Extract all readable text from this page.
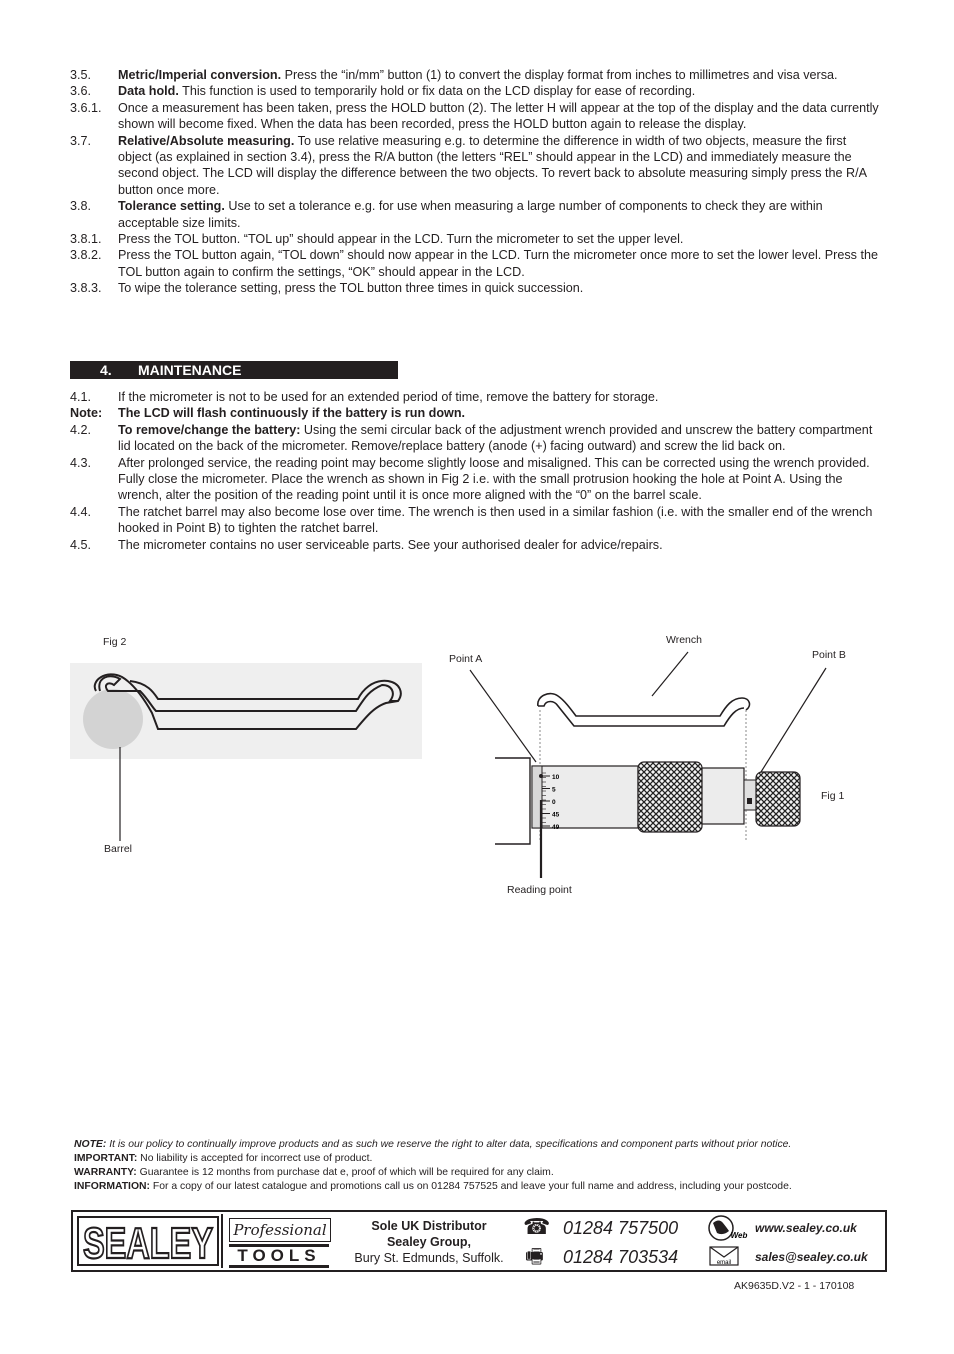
3.5.	Metric/Imperial conversion. Press the “in/mm” button (1) to convert the display format from inches to millimetres and visa versa.
3.6.	Data hold. This function is used to temporarily hold or fix data on the LCD display for ease of recording.
3.6.1.	Once a measurement has been taken, press the HOLD button (2). The letter H will appear at the top of the display and the data currently shown will become fixed. When the data has been recorded, press the HOLD button again to release the display.
3.7.	Relative/Absolute measuring. To use relative measuring e.g. to determine the difference in width of two objects, measure the first object (as explained in section 3.4), press the R/A button (the letters “REL” should appear in the LCD) and immediately measure the second object. The LCD will display the difference between the two objects. To revert back to absolute measuring simply press the R/A button once more.
3.8.	Tolerance setting. Use to set a tolerance e.g. for use when measuring a large number of components to check they are within acceptable size limits.
3.8.1.	Press the TOL button. “TOL up” should appear in the LCD. Turn the micrometer to set the upper level.
3.8.2.	Press the TOL button again, “TOL down” should now appear in the LCD. Turn the micrometer once more to set the lower level. Press the TOL button again to confirm the settings, “OK” should appear in the LCD.
3.8.3.	To wipe the tolerance setting, press the TOL button three times in quick succession.
4. MAINTENANCE
4.1.	If the micrometer is not to be used for an extended period of time, remove the battery for storage.
Note:	The LCD will flash continuously if the battery is run down.
4.2.	To remove/change the battery: Using the semi circular back of the adjustment wrench provided and unscrew the battery compartment lid located on the back of the micrometer. Remove/replace battery (anode (+) facing outward) and screw the lid back on.
4.3.	After prolonged service, the reading point may become slightly loose and misaligned. This can be corrected using the wrench provided. Fully close the micrometer. Place the wrench as shown in Fig 2 i.e. with the small protrusion hooking the hole at Point A. Using the wrench, alter the position of the reading point until it is once more aligned with the “0” on the barrel scale.
4.4.	The ratchet barrel may also become lose over time. The wrench is then used in a similar fashion (i.e. with the smaller end of the wrench hooked in Point B) to tighten the ratchet barrel.
4.5.	The micrometer contains no user serviceable parts. See your authorised dealer for advice/repairs.
Fig 2
Barrel
Wrench
Point A	Point B
Fig 1
Reading point
10
5
0
45
49
NOTE: It is our policy to continually improve products and as such we reserve the right to alter data, specifications and component parts without prior notice.
IMPORTANT: No liability is accepted for incorrect use of product.
WARRANTY: Guarantee is 12 months from purchase dat e, proof of which will be required for any claim.
INFORMATION: For a copy of our latest catalogue and promotions call us on 01284 757525 and leave your full name and address, including your postcode.
SEALEY Professional
TOOLS
Sole UK Distributor
Sealey Group,
Bury St. Edmunds, Suffolk.
☎ 01284 757500
🖷 01284 703534
Web
email
www.sealey.co.uk
sales@sealey.co.uk
AK9635D.V2 - 1 - 170108
